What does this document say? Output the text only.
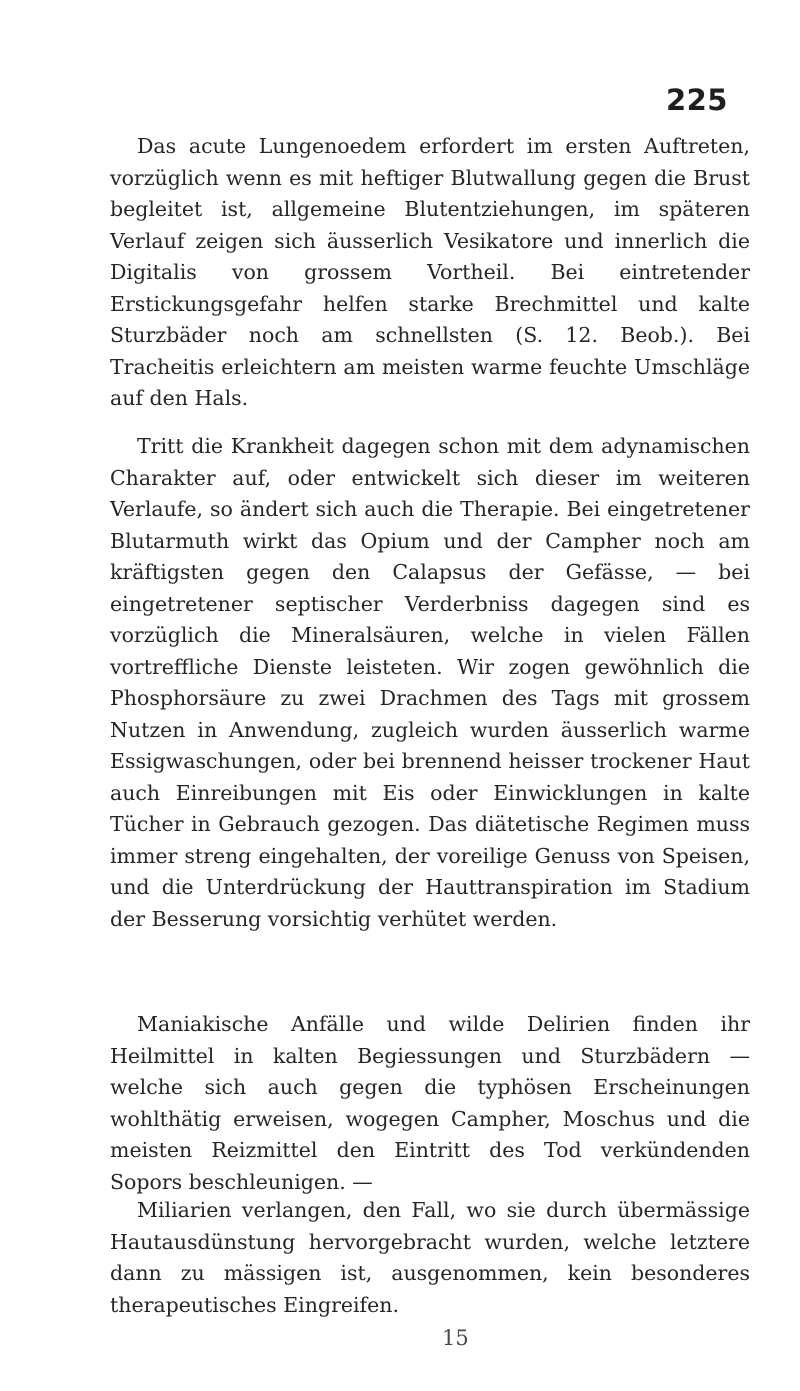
225

Das acute Lungenoedem erfordert im ersten Auftreten, vorzüglich wenn es mit heftiger Blutwallung gegen die Brust begleitet ist, allgemeine Blutentziehungen, im späteren Verlauf zeigen sich äusserlich Vesikatore und innerlich die Digitalis von grossem Vortheil. Bei eintretender Erstickungsgefahr helfen starke Brechmittel und kalte Sturzbäder noch am schnellsten (S. 12. Beob.). Bei Tracheitis erleichtern am meisten warme feuchte Umschläge auf den Hals.

Tritt die Krankheit dagegen schon mit dem adynamischen Charakter auf, oder entwickelt sich dieser im weiteren Verlaufe, so ändert sich auch die Therapie. Bei eingetretener Blutarmuth wirkt das Opium und der Campher noch am kräftigsten gegen den Calapsus der Gefässe, — bei eingetretener septischer Verderbniss dagegen sind es vorzüglich die Mineralsäuren, welche in vielen Fällen vortreffliche Dienste leisteten. Wir zogen gewöhnlich die Phosphorsäure zu zwei Drachmen des Tags mit grossem Nutzen in Anwendung, zugleich wurden äusserlich warme Essigwaschungen, oder bei brennend heisser trockener Haut auch Einreibungen mit Eis oder Einwicklungen in kalte Tücher in Gebrauch gezogen. Das diätetische Regimen muss immer streng eingehalten, der voreilige Genuss von Speisen, und die Unterdrückung der Hauttranspiration im Stadium der Besserung vorsichtig verhütet werden.

Maniakische Anfälle und wilde Delirien finden ihr Heilmittel in kalten Begiessungen und Sturzbädern — welche sich auch gegen die typhösen Erscheinungen wohlthätig erweisen, wogegen Campher, Moschus und die meisten Reizmittel den Eintritt des Tod verkündenden Sopors beschleunigen. —

Miliarien verlangen, den Fall, wo sie durch übermässige Hautausdünstung hervorgebracht wurden, welche letztere dann zu mässigen ist, ausgenommen, kein besonderes therapeutisches Eingreifen.

15
